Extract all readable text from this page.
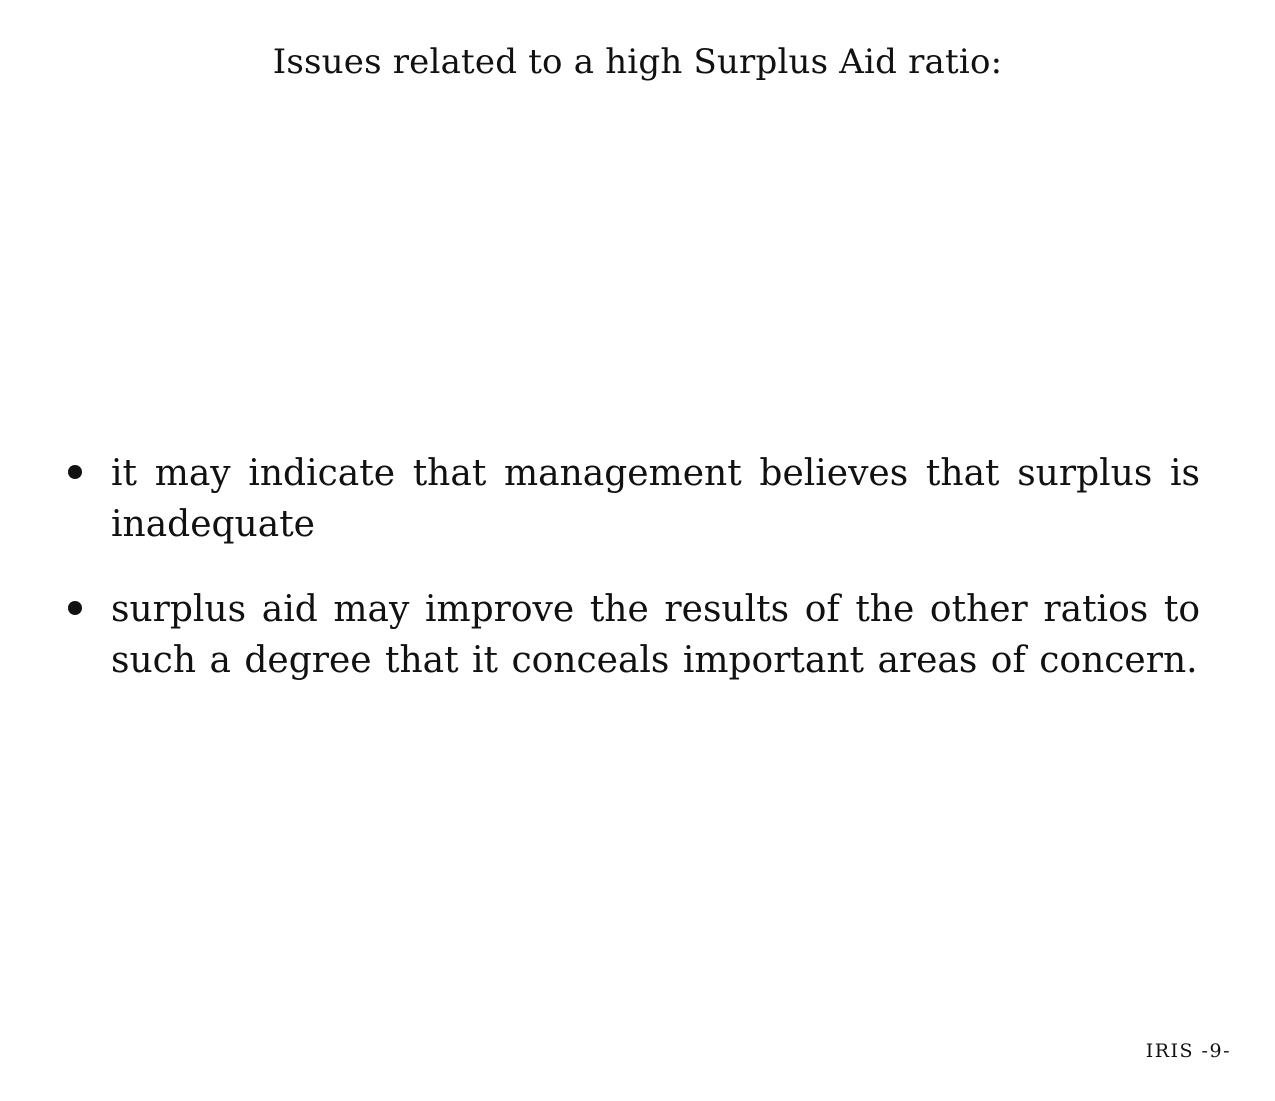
Issues related to a high Surplus Aid ratio:
it may indicate that management believes that surplus is inadequate
surplus aid may improve the results of the other ratios to such a degree that it conceals important areas of concern.
IRIS -9-
